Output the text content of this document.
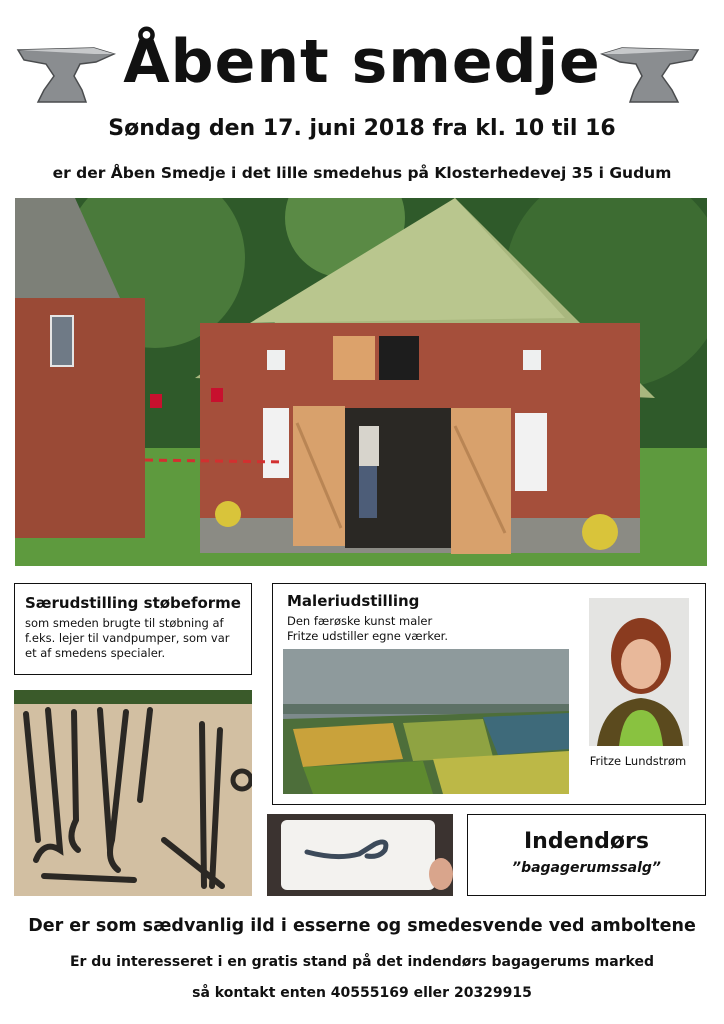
Åbent smedje
Søndag den 17. juni 2018 fra kl. 10 til 16
er der Åben Smedje i det lille smedehus på Klosterhedevej 35 i Gudum
Særudstilling støbeforme

som smeden brugte til støbning af
f.eks. lejer til vandpumper, som var
et af smedens specialer.

Maleriudstilling

Den færøske kunst maler
Fritze udstiller egne værker.

Fritze Lundstrøm
Indendørs

”bagagerumssalg”

Der er som sædvanlig ild i esserne og smedesvende ved amboltene
Er du interesseret i en gratis stand på det indendørs bagagerums marked
så kontakt enten 40555169 eller 20329915
